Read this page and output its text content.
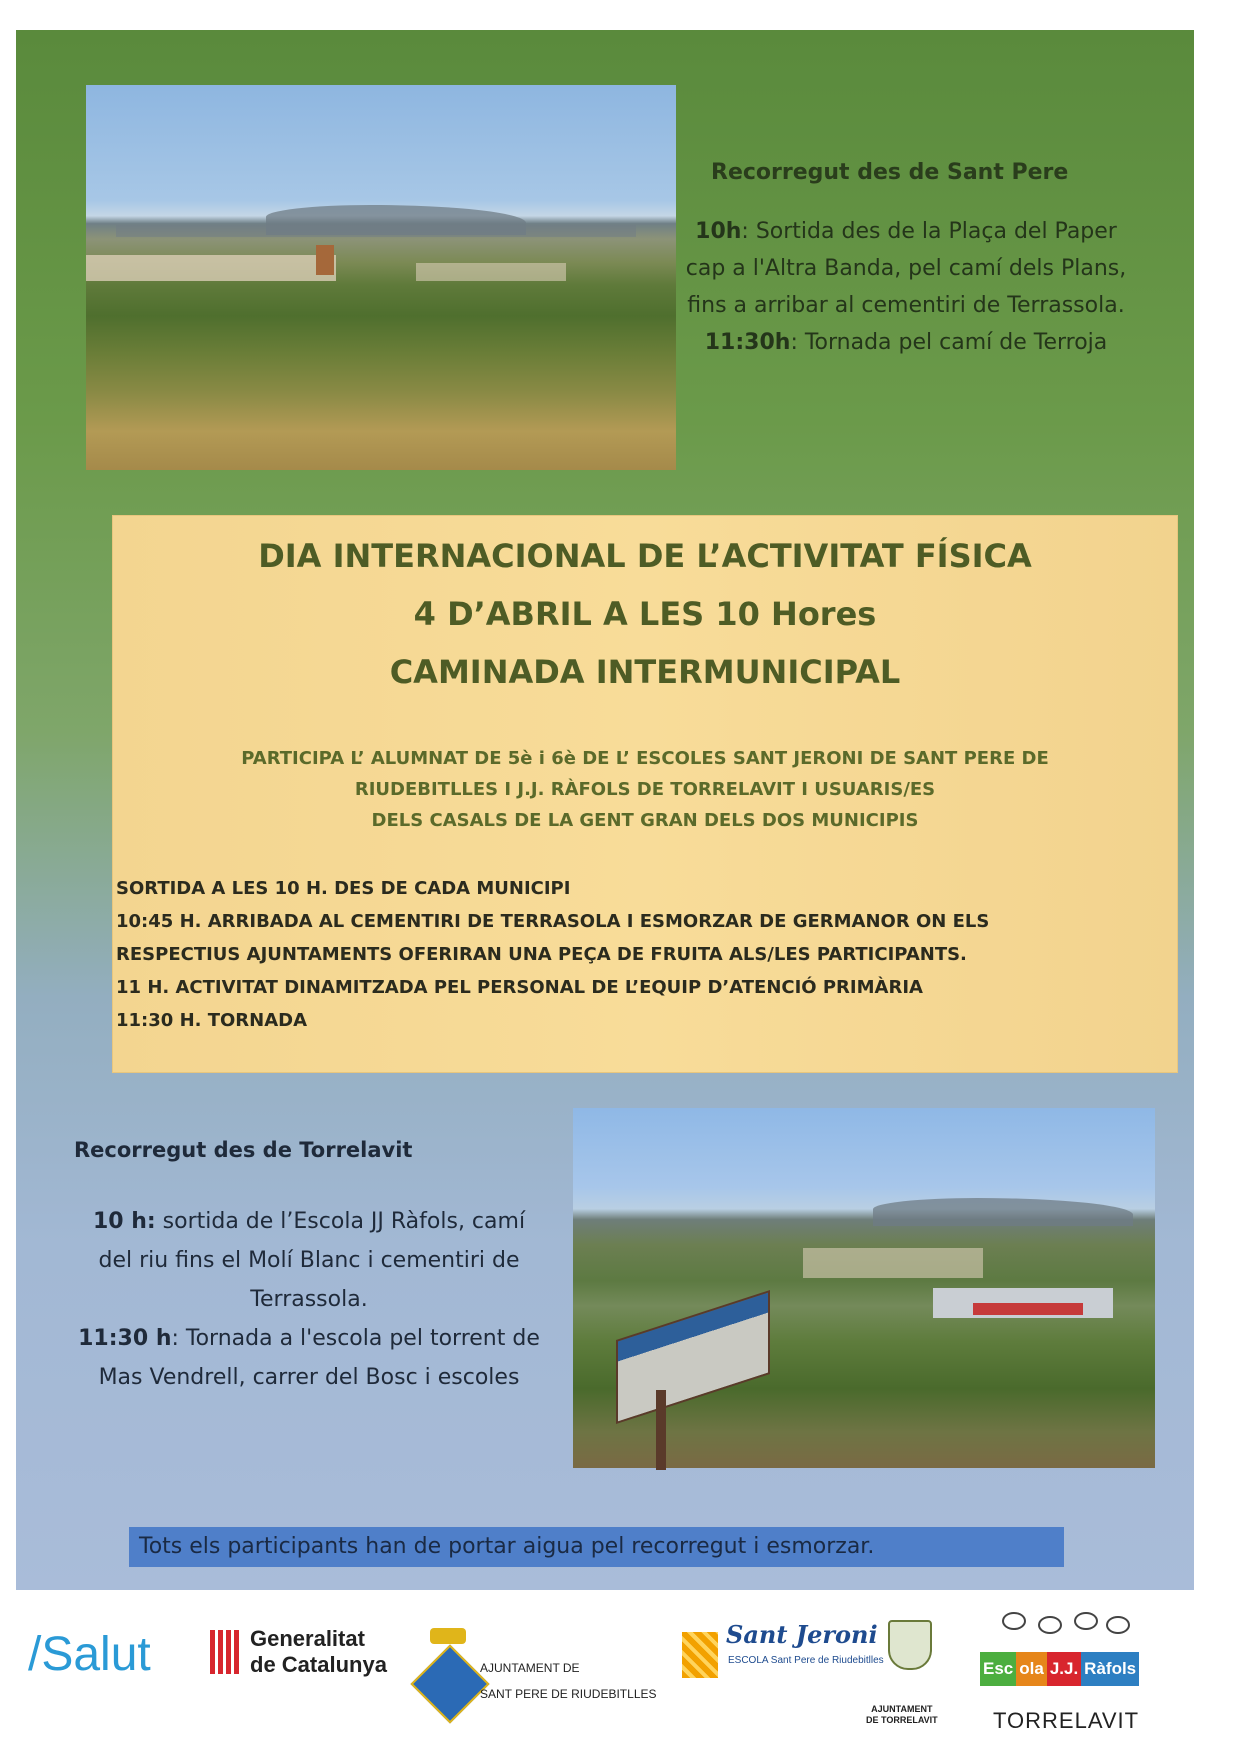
Recorregut des de Sant Pere

10h: Sortida des de la Plaça del Paper cap a l'Altra Banda, pel camí dels Plans, fins a arribar al cementiri de Terrassola.

11:30h: Tornada pel camí de Terroja

DIA INTERNACIONAL DE L’ACTIVITAT FÍSICA
4 D’ABRIL A LES 10 Hores
CAMINADA INTERMUNICIPAL
PARTICIPA L’ ALUMNAT DE 5è i 6è DE L’ ESCOLES SANT JERONI DE SANT PERE DE
RIUDEBITLLES I J.J. RÀFOLS DE TORRELAVIT I USUARIS/ES
DELS CASALS DE LA GENT GRAN DELS DOS MUNICIPIS
SORTIDA A LES 10 H. DES DE CADA MUNICIPI
10:45 H. ARRIBADA AL CEMENTIRI DE TERRASOLA I ESMORZAR DE GERMANOR ON ELS
RESPECTIUS AJUNTAMENTS OFERIRAN UNA PEÇA DE FRUITA ALS/LES PARTICIPANTS.
11 H. ACTIVITAT DINAMITZADA PEL PERSONAL DE L’EQUIP D’ATENCIÓ PRIMÀRIA
11:30 H. TORNADA
Recorregut des de Torrelavit

10 h: sortida de l’Escola JJ Ràfols, camí del riu fins el Molí Blanc i cementiri de Terrassola.

11:30 h: Tornada a l'escola pel torrent de Mas Vendrell, carrer del Bosc i escoles

Tots els participants han de portar aigua pel recorregut i esmorzar.
/Salut	Generalitat
de Catalunya	AJUNTAMENT DE
SANT PERE DE RIUDEBITLLES
Sant Jeroni
ESCOLA Sant Pere de Riudebitlles
AJUNTAMENT
DE TORRELAVIT
Esc ola J.J. Ràfols
TORRELAVIT
